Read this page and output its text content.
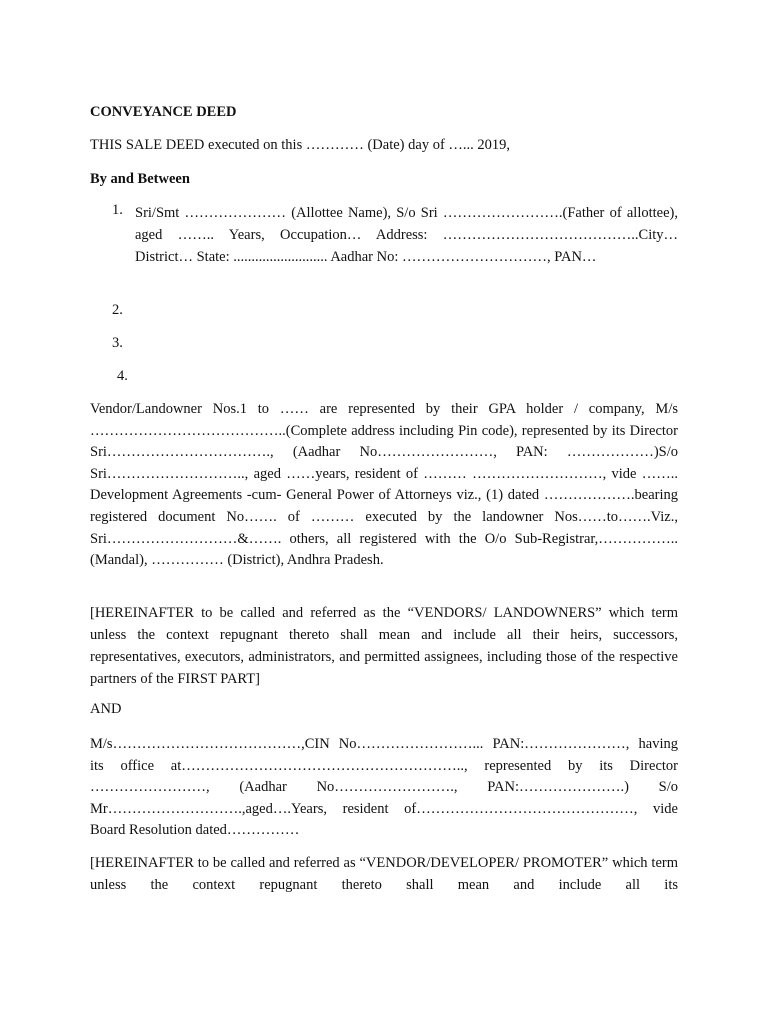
CONVEYANCE DEED
THIS SALE DEED executed on this ………… (Date) day of …... 2019,
By and Between
1. Sri/Smt ………………… (Allottee Name), S/o Sri …………………….(Father of allottee), aged …….. Years, Occupation… Address: …………………………………..City… District… State: .......................... Aadhar No: …………………………, PAN…
2.
3.
4.
Vendor/Landowner Nos.1 to …… are represented by their GPA holder / company, M/s …………………………………..(Complete address including Pin code), represented by its Director Sri……………………………., (Aadhar No……………………, PAN: ………………)S/o Sri……………………….., aged ……years, resident of ……… ………………………, vide …….. Development Agreements -cum- General Power of Attorneys viz., (1) dated ……………….bearing registered document No……. of ……… executed by the landowner Nos……to…….Viz., Sri………………………&……. others, all registered with the O/o Sub-Registrar,……………..(Mandal), …………… (District), Andhra Pradesh.
[HEREINAFTER to be called and referred as the “VENDORS/ LANDOWNERS” which term unless the context repugnant thereto shall mean and include all their heirs, successors, representatives, executors, administrators, and permitted assignees, including those of the respective partners of the FIRST PART]
AND
M/s…………………………………,CIN No……………………... PAN:…………………, having its office at………………………………………………….., represented by its Director ……………………, (Aadhar No……………………., PAN:………………….) S/o Mr……………………….,aged….Years, resident of………………………………………, vide Board Resolution dated……………
[HEREINAFTER to be called and referred as “VENDOR/DEVELOPER/ PROMOTER” which term unless the context repugnant thereto shall mean and include all its
